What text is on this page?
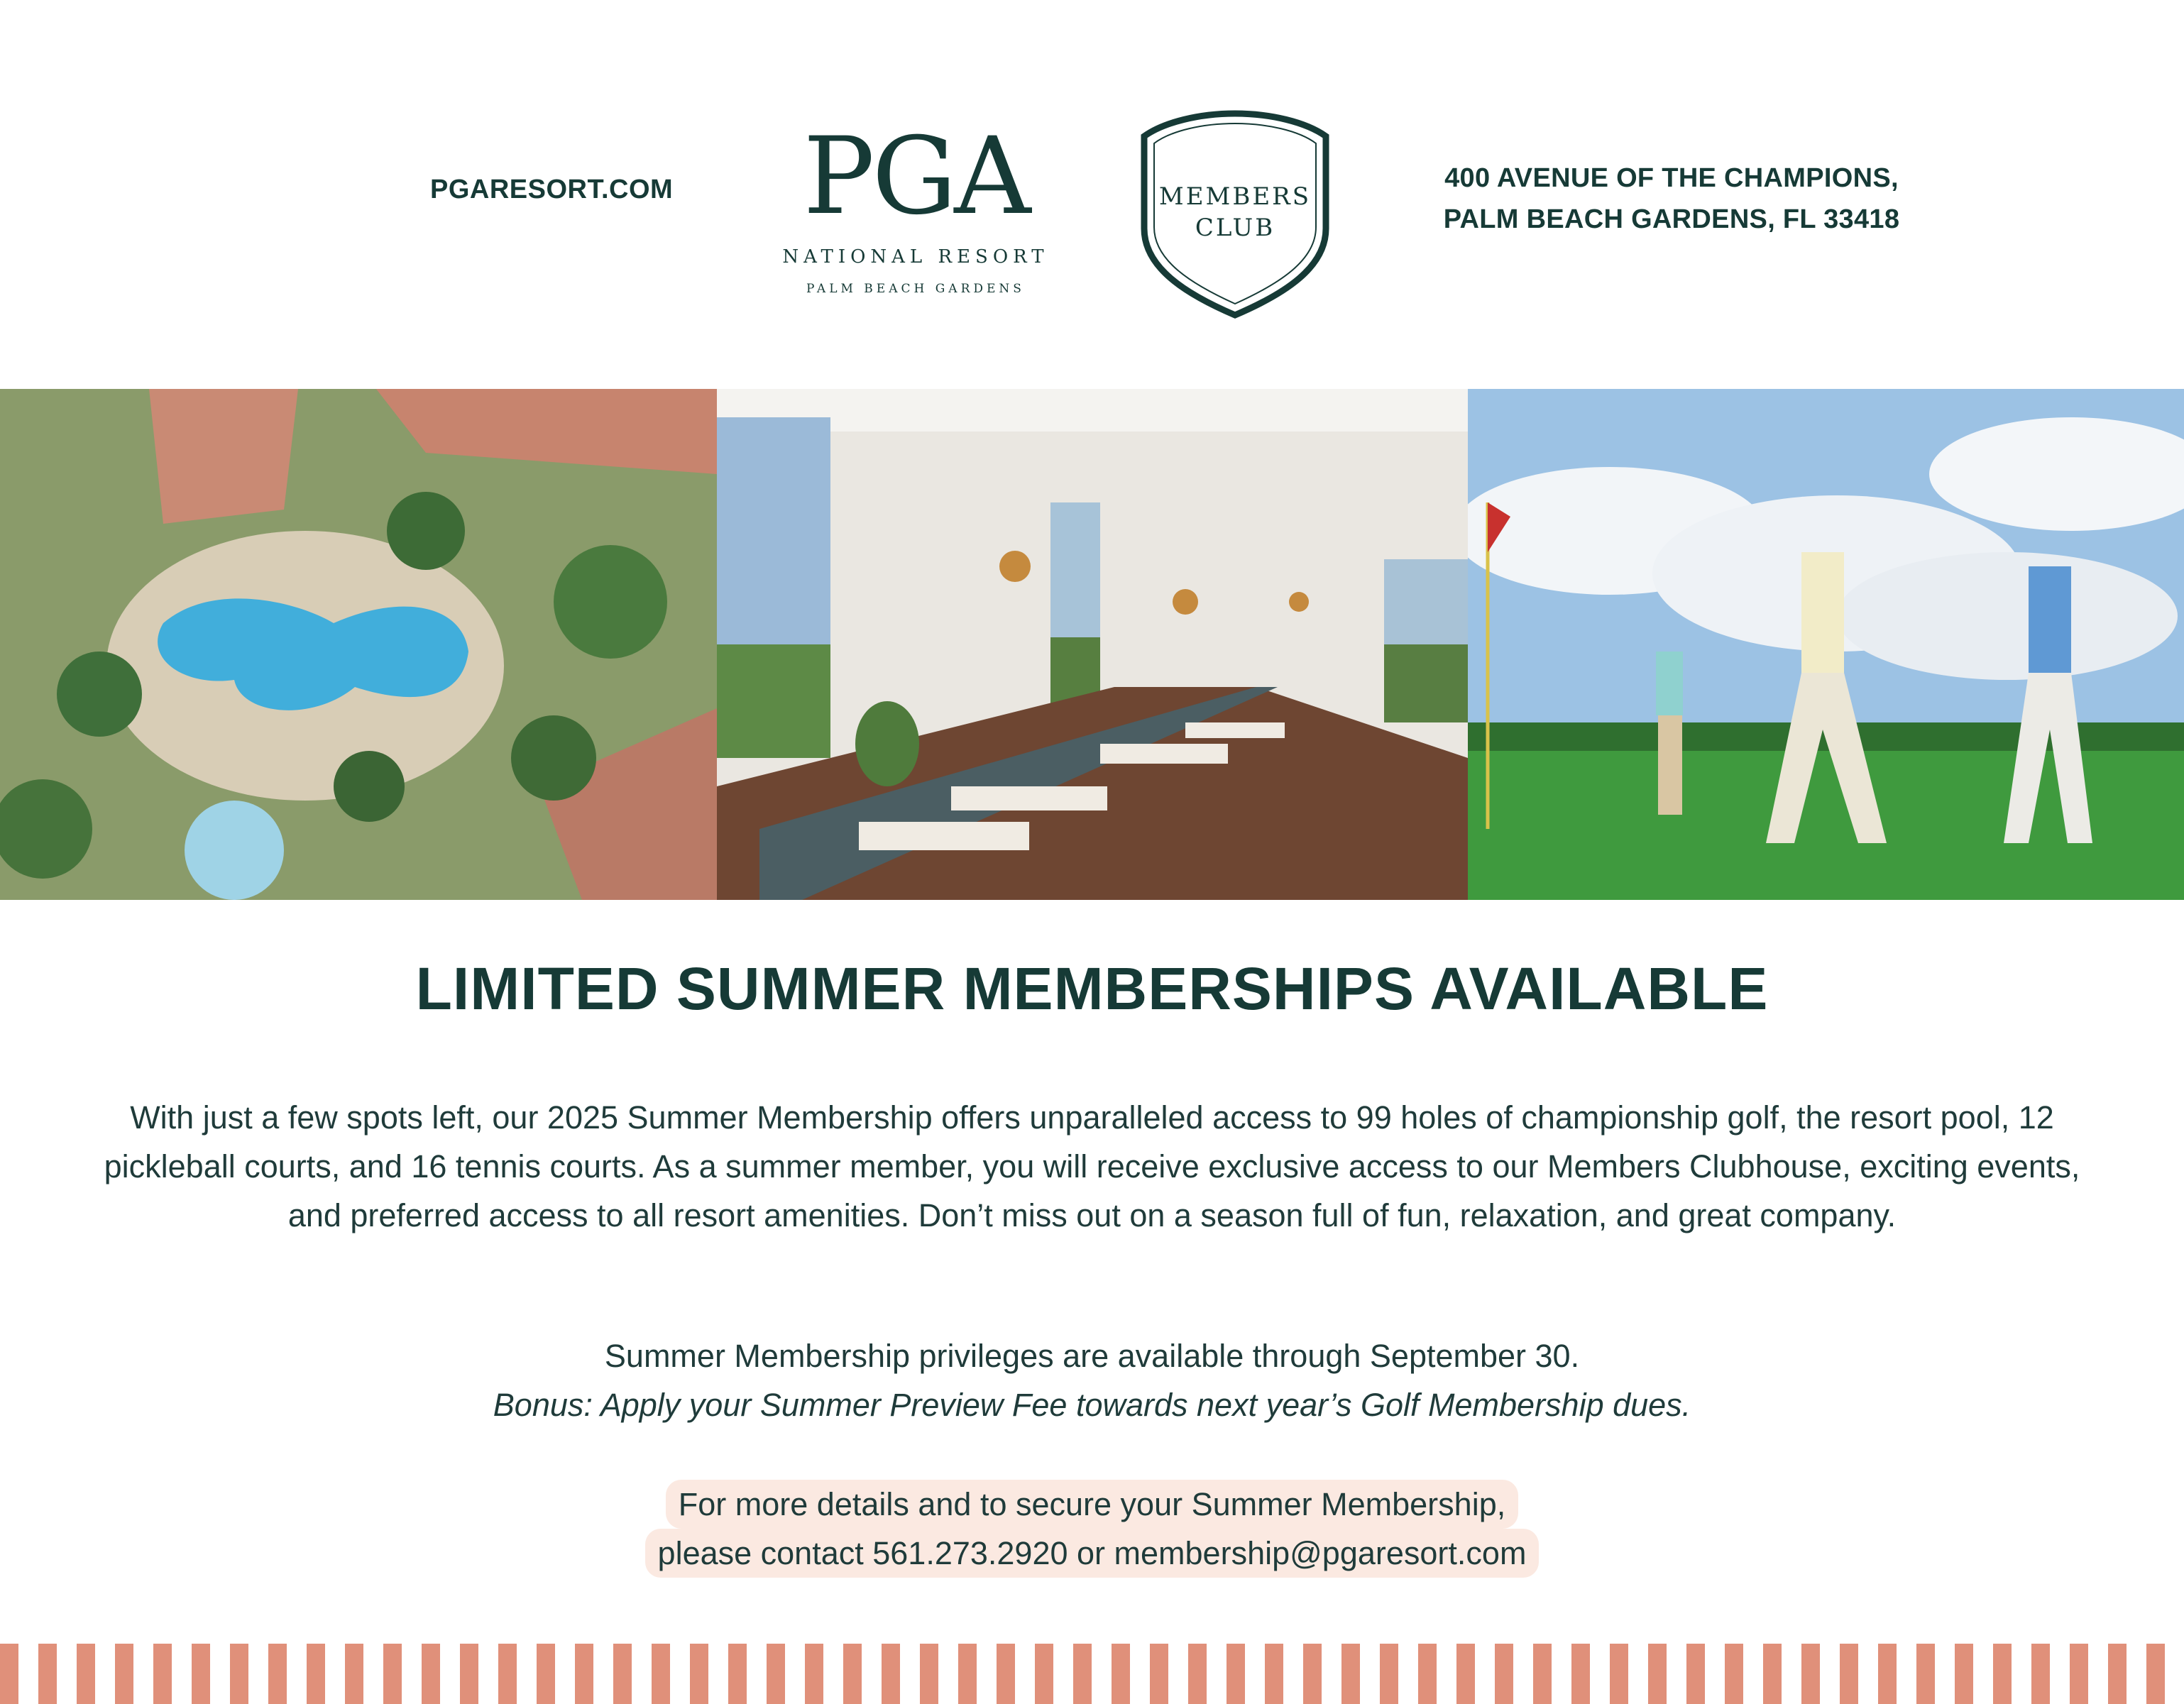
PGARESORT.COM PGA
NATIONAL RESORT
PALM BEACH GARDENS
MEMBERS
CLUB
400 AVENUE OF THE CHAMPIONS,
PALM BEACH GARDENS, FL 33418
LIMITED SUMMER MEMBERSHIPS AVAILABLE
With just a few spots left, our 2025 Summer Membership offers unparalleled access to 99 holes of championship golf, the resort pool, 12 pickleball courts, and 16 tennis courts. As a summer member, you will receive exclusive access to our Members Clubhouse, exciting events, and preferred access to all resort amenities. Don’t miss out on a season full of fun, relaxation, and great company.
Summer Membership privileges are available through September 30.
Bonus: Apply your Summer Preview Fee towards next year’s Golf Membership dues.
For more details and to secure your Summer Membership,
please contact 561.273.2920 or membership@pgaresort.com
